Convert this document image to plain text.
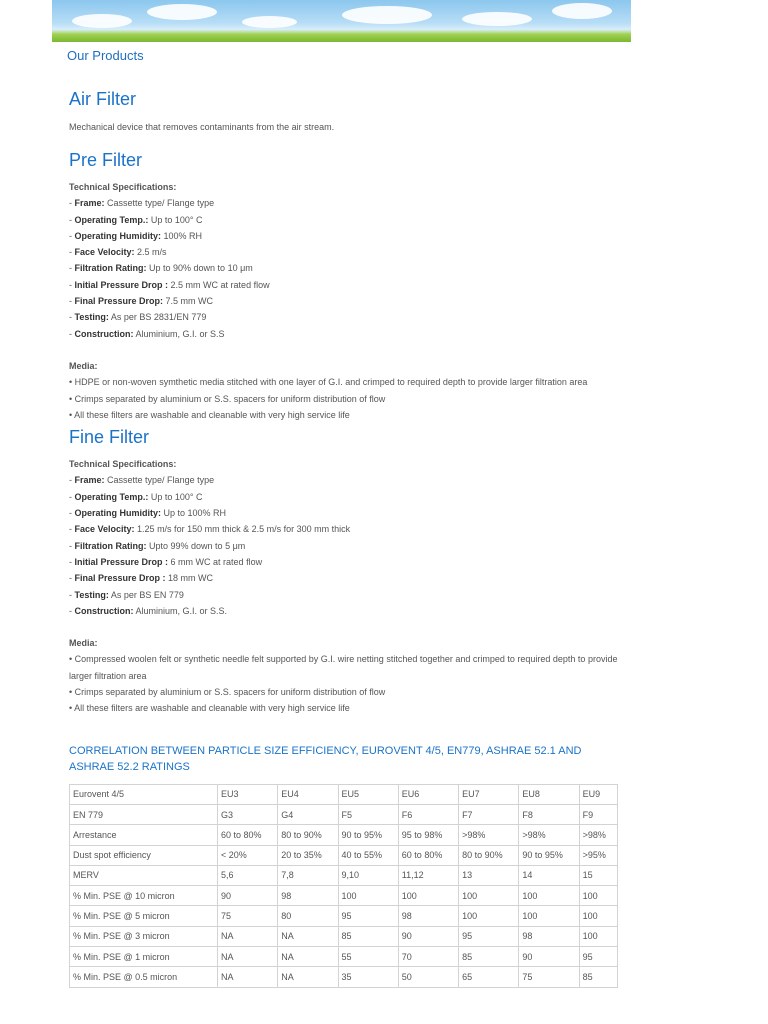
Our Products
Air Filter
Mechanical device that removes contaminants from the air stream.
Pre Filter
Technical Specifications:
- Frame: Cassette type/ Flange type
- Operating Temp.: Up to 100° C
- Operating Humidity: 100% RH
- Face Velocity: 2.5 m/s
- Filtration Rating: Up to 90% down to 10 μm
- Initial Pressure Drop : 2.5 mm WC at rated flow
- Final Pressure Drop: 7.5 mm WC
- Testing: As per BS 2831/EN 779
- Construction: Aluminium, G.I. or S.S
Media:
• HDPE or non-woven symthetic media stitched with one layer of G.I. and crimped to required depth to provide larger filtration area
• Crimps separated by aluminium or S.S. spacers for uniform distribution of flow
• All these filters are washable and cleanable with very high service life
Fine Filter
Technical Specifications:
- Frame: Cassette type/ Flange type
- Operating Temp.: Up to 100° C
- Operating Humidity: Up to 100% RH
- Face Velocity: 1.25 m/s for 150 mm thick & 2.5 m/s for 300 mm thick
- Filtration Rating: Upto 99% down to 5 μm
- Initial Pressure Drop : 6 mm WC at rated flow
- Final Pressure Drop : 18 mm WC
- Testing: As per BS EN 779
- Construction: Aluminium, G.I. or S.S.
Media:
• Compressed woolen felt or synthetic needle felt supported by G.I. wire netting stitched together and crimped to required depth to provide larger filtration area
• Crimps separated by aluminium or S.S. spacers for uniform distribution of flow
• All these filters are washable and cleanable with very high service life
CORRELATION BETWEEN PARTICLE SIZE EFFICIENCY, EUROVENT 4/5, EN779, ASHRAE 52.1 AND ASHRAE 52.2 RATINGS
Eurovent 4/5	EU3	EU4	EU5	EU6	EU7	EU8	EU9
EN 779	G3	G4	F5	F6	F7	F8	F9
Arrestance	60 to 80%	80 to 90%	90 to 95%	95 to 98%	>98%	>98%	>98%
Dust spot efficiency	< 20%	20 to 35%	40 to 55%	60 to 80%	80 to 90%	90 to 95%	>95%
MERV	5,6	7,8	9,10	11,12	13	14	15
% Min. PSE @ 10 micron	90	98	100	100	100	100	100
% Min. PSE @ 5 micron	75	80	95	98	100	100	100
% Min. PSE @ 3 micron	NA	NA	85	90	95	98	100
% Min. PSE @ 1 micron	NA	NA	55	70	85	90	95
% Min. PSE @ 0.5 micron	NA	NA	35	50	65	75	85
